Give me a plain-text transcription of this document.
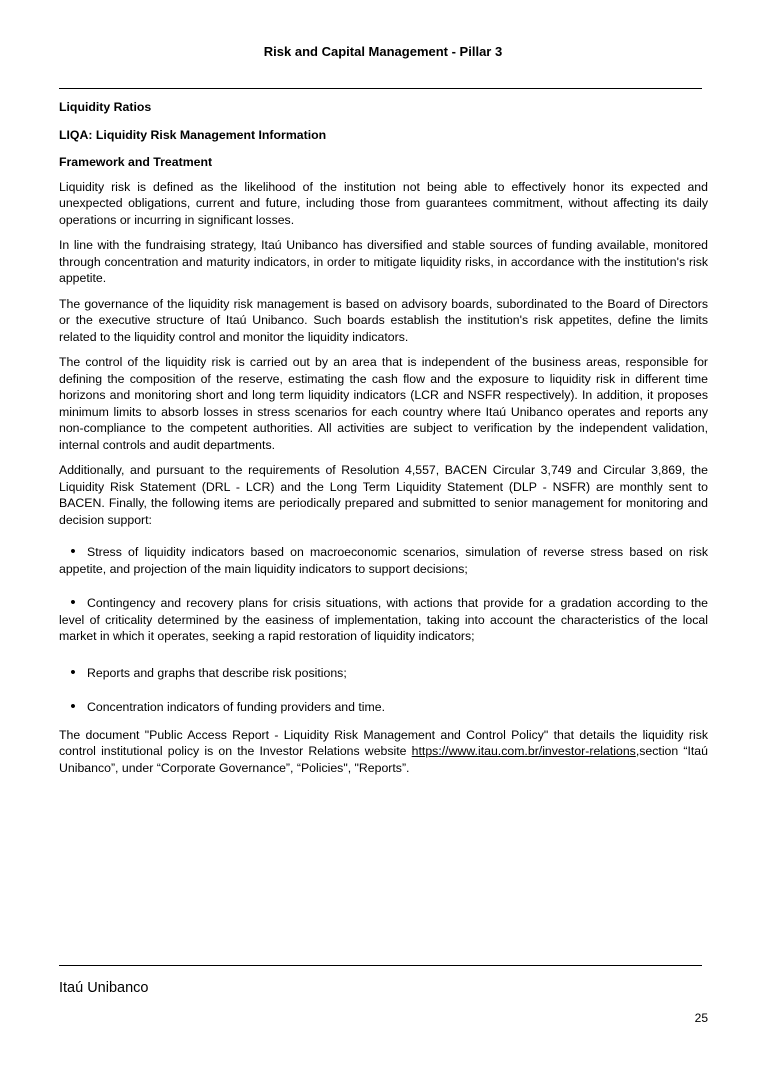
Risk and Capital Management - Pillar 3

Liquidity Ratios

LIQA: Liquidity Risk Management Information

Framework and Treatment

Liquidity risk is defined as the likelihood of the institution not being able to effectively honor its expected and unexpected obligations, current and future, including those from guarantees commitment, without affecting its daily operations or incurring in significant losses.

In line with the fundraising strategy, Itaú Unibanco has diversified and stable sources of funding available, monitored through concentration and maturity indicators, in order to mitigate liquidity risks, in accordance with the institution's risk appetite.

The governance of the liquidity risk management is based on advisory boards, subordinated to the Board of Directors or the executive structure of Itaú Unibanco. Such boards establish the institution's risk appetites, define the limits related to the liquidity control and monitor the liquidity indicators.

The control of the liquidity risk is carried out by an area that is independent of the business areas, responsible for defining the composition of the reserve, estimating the cash flow and the exposure to liquidity risk in different time horizons and monitoring short and long term liquidity indicators (LCR and NSFR respectively). In addition, it proposes minimum limits to absorb losses in stress scenarios for each country where Itaú Unibanco operates and reports any non-compliance to the competent authorities. All activities are subject to verification by the independent validation, internal controls and audit departments.

Additionally, and pursuant to the requirements of Resolution 4,557, BACEN Circular 3,749 and Circular 3,869, the Liquidity Risk Statement (DRL - LCR) and the Long Term Liquidity Statement (DLP - NSFR) are monthly sent to BACEN. Finally, the following items are periodically prepared and submitted to senior management for monitoring and decision support:

• Stress of liquidity indicators based on macroeconomic scenarios, simulation of reverse stress based on risk appetite, and projection of the main liquidity indicators to support decisions;

• Contingency and recovery plans for crisis situations, with actions that provide for a gradation according to the level of criticality determined by the easiness of implementation, taking into account the characteristics of the local market in which it operates, seeking a rapid restoration of liquidity indicators;

• Reports and graphs that describe risk positions;

• Concentration indicators of funding providers and time.

The document "Public Access Report - Liquidity Risk Management and Control Policy" that details the liquidity risk control institutional policy is on the Investor Relations website https://www.itau.com.br/investor-relations,section “Itaú Unibanco”, under “Corporate Governance”, “Policies", "Reports”.

Itaú Unibanco
25
